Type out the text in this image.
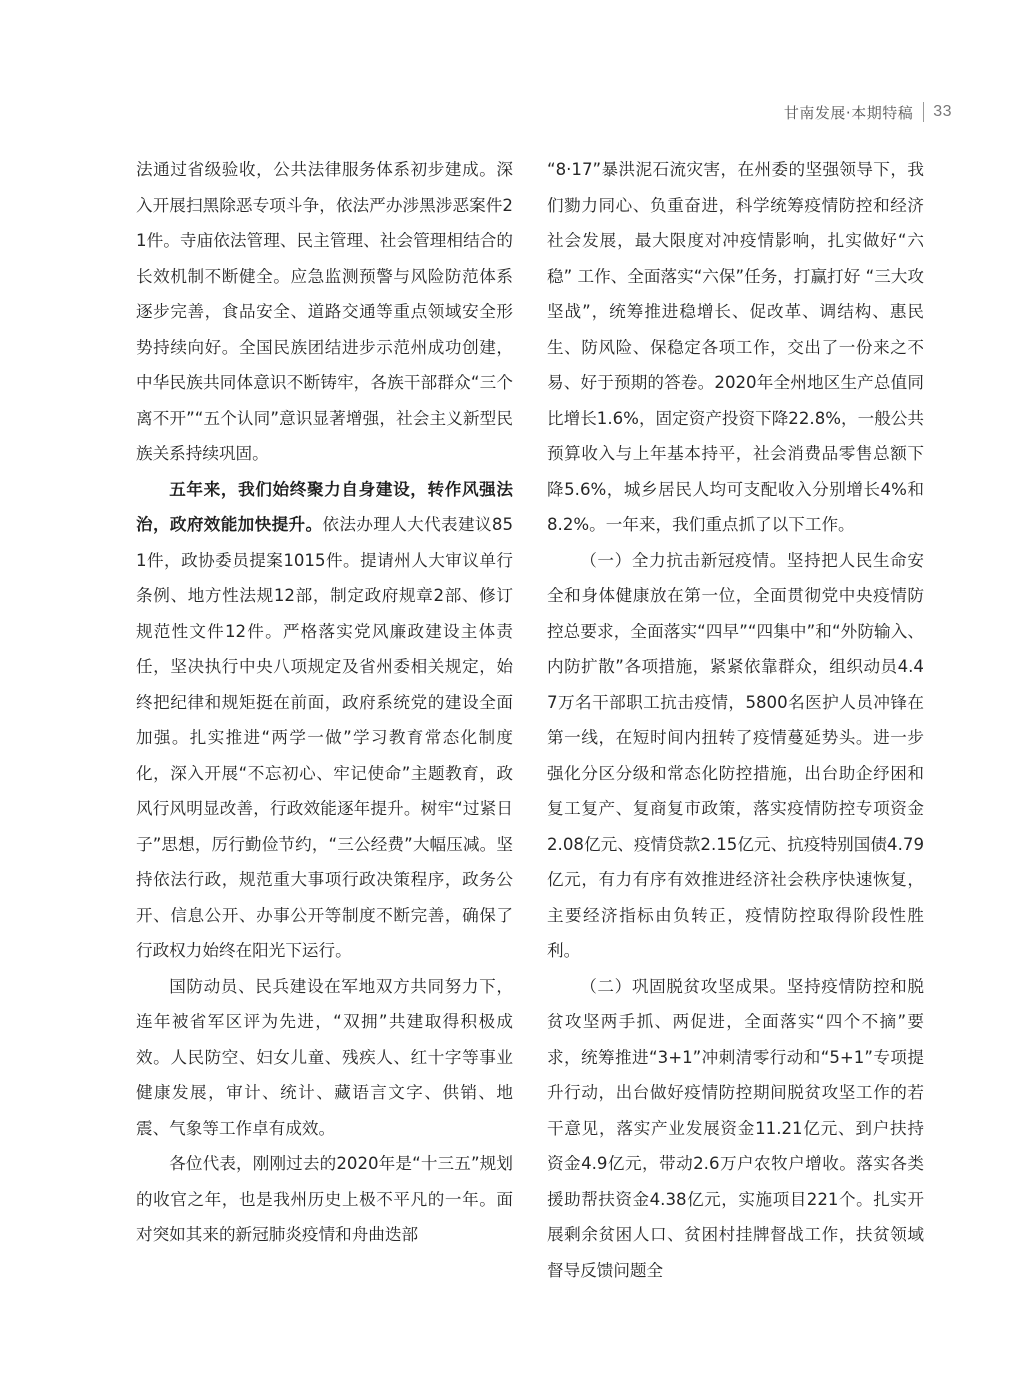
甘南发展·本期特稿 33

法通过省级验收，公共法律服务体系初步建成。深入开展扫黑除恶专项斗争，依法严办涉黑涉恶案件21件。寺庙依法管理、民主管理、社会管理相结合的长效机制不断健全。应急监测预警与风险防范体系逐步完善，食品安全、道路交通等重点领域安全形势持续向好。全国民族团结进步示范州成功创建，中华民族共同体意识不断铸牢，各族干部群众“三个离不开”“五个认同”意识显著增强，社会主义新型民族关系持续巩固。

五年来，我们始终聚力自身建设，转作风强法治，政府效能加快提升。依法办理人大代表建议851件，政协委员提案1015件。提请州人大审议单行条例、地方性法规12部，制定政府规章2部、修订规范性文件12件。严格落实党风廉政建设主体责任，坚决执行中央八项规定及省州委相关规定，始终把纪律和规矩挺在前面，政府系统党的建设全面加强。扎实推进“两学一做”学习教育常态化制度化，深入开展“不忘初心、牢记使命”主题教育，政风行风明显改善，行政效能逐年提升。树牢“过紧日子”思想，厉行勤俭节约，“三公经费”大幅压减。坚持依法行政，规范重大事项行政决策程序，政务公开、信息公开、办事公开等制度不断完善，确保了行政权力始终在阳光下运行。

国防动员、民兵建设在军地双方共同努力下，连年被省军区评为先进，“双拥”共建取得积极成效。人民防空、妇女儿童、残疾人、红十字等事业健康发展，审计、统计、藏语言文字、供销、地震、气象等工作卓有成效。

各位代表，刚刚过去的2020年是“十三五”规划的收官之年，也是我州历史上极不平凡的一年。面对突如其来的新冠肺炎疫情和舟曲迭部

“8·17”暴洪泥石流灾害，在州委的坚强领导下，我们勠力同心、负重奋进，科学统筹疫情防控和经济社会发展，最大限度对冲疫情影响，扎实做好“六稳” 工作、全面落实“六保”任务，打赢打好 “三大攻坚战”，统筹推进稳增长、促改革、调结构、惠民生、防风险、保稳定各项工作，交出了一份来之不易、好于预期的答卷。2020年全州地区生产总值同比增长1.6%，固定资产投资下降22.8%，一般公共预算收入与上年基本持平，社会消费品零售总额下降5.6%，城乡居民人均可支配收入分别增长4%和8.2%。一年来，我们重点抓了以下工作。

（一）全力抗击新冠疫情。坚持把人民生命安全和身体健康放在第一位，全面贯彻党中央疫情防控总要求，全面落实“四早”“四集中”和“外防输入、内防扩散”各项措施，紧紧依靠群众，组织动员4.47万名干部职工抗击疫情，5800名医护人员冲锋在第一线，在短时间内扭转了疫情蔓延势头。进一步强化分区分级和常态化防控措施，出台助企纾困和复工复产、复商复市政策，落实疫情防控专项资金2.08亿元、疫情贷款2.15亿元、抗疫特别国债4.79亿元，有力有序有效推进经济社会秩序快速恢复，主要经济指标由负转正，疫情防控取得阶段性胜利。

（二）巩固脱贫攻坚成果。坚持疫情防控和脱贫攻坚两手抓、两促进，全面落实“四个不摘”要求，统筹推进“3+1”冲刺清零行动和“5+1”专项提升行动，出台做好疫情防控期间脱贫攻坚工作的若干意见，落实产业发展资金11.21亿元、到户扶持资金4.9亿元，带动2.6万户农牧户增收。落实各类援助帮扶资金4.38亿元，实施项目221个。扎实开展剩余贫困人口、贫困村挂牌督战工作，扶贫领域督导反馈问题全
